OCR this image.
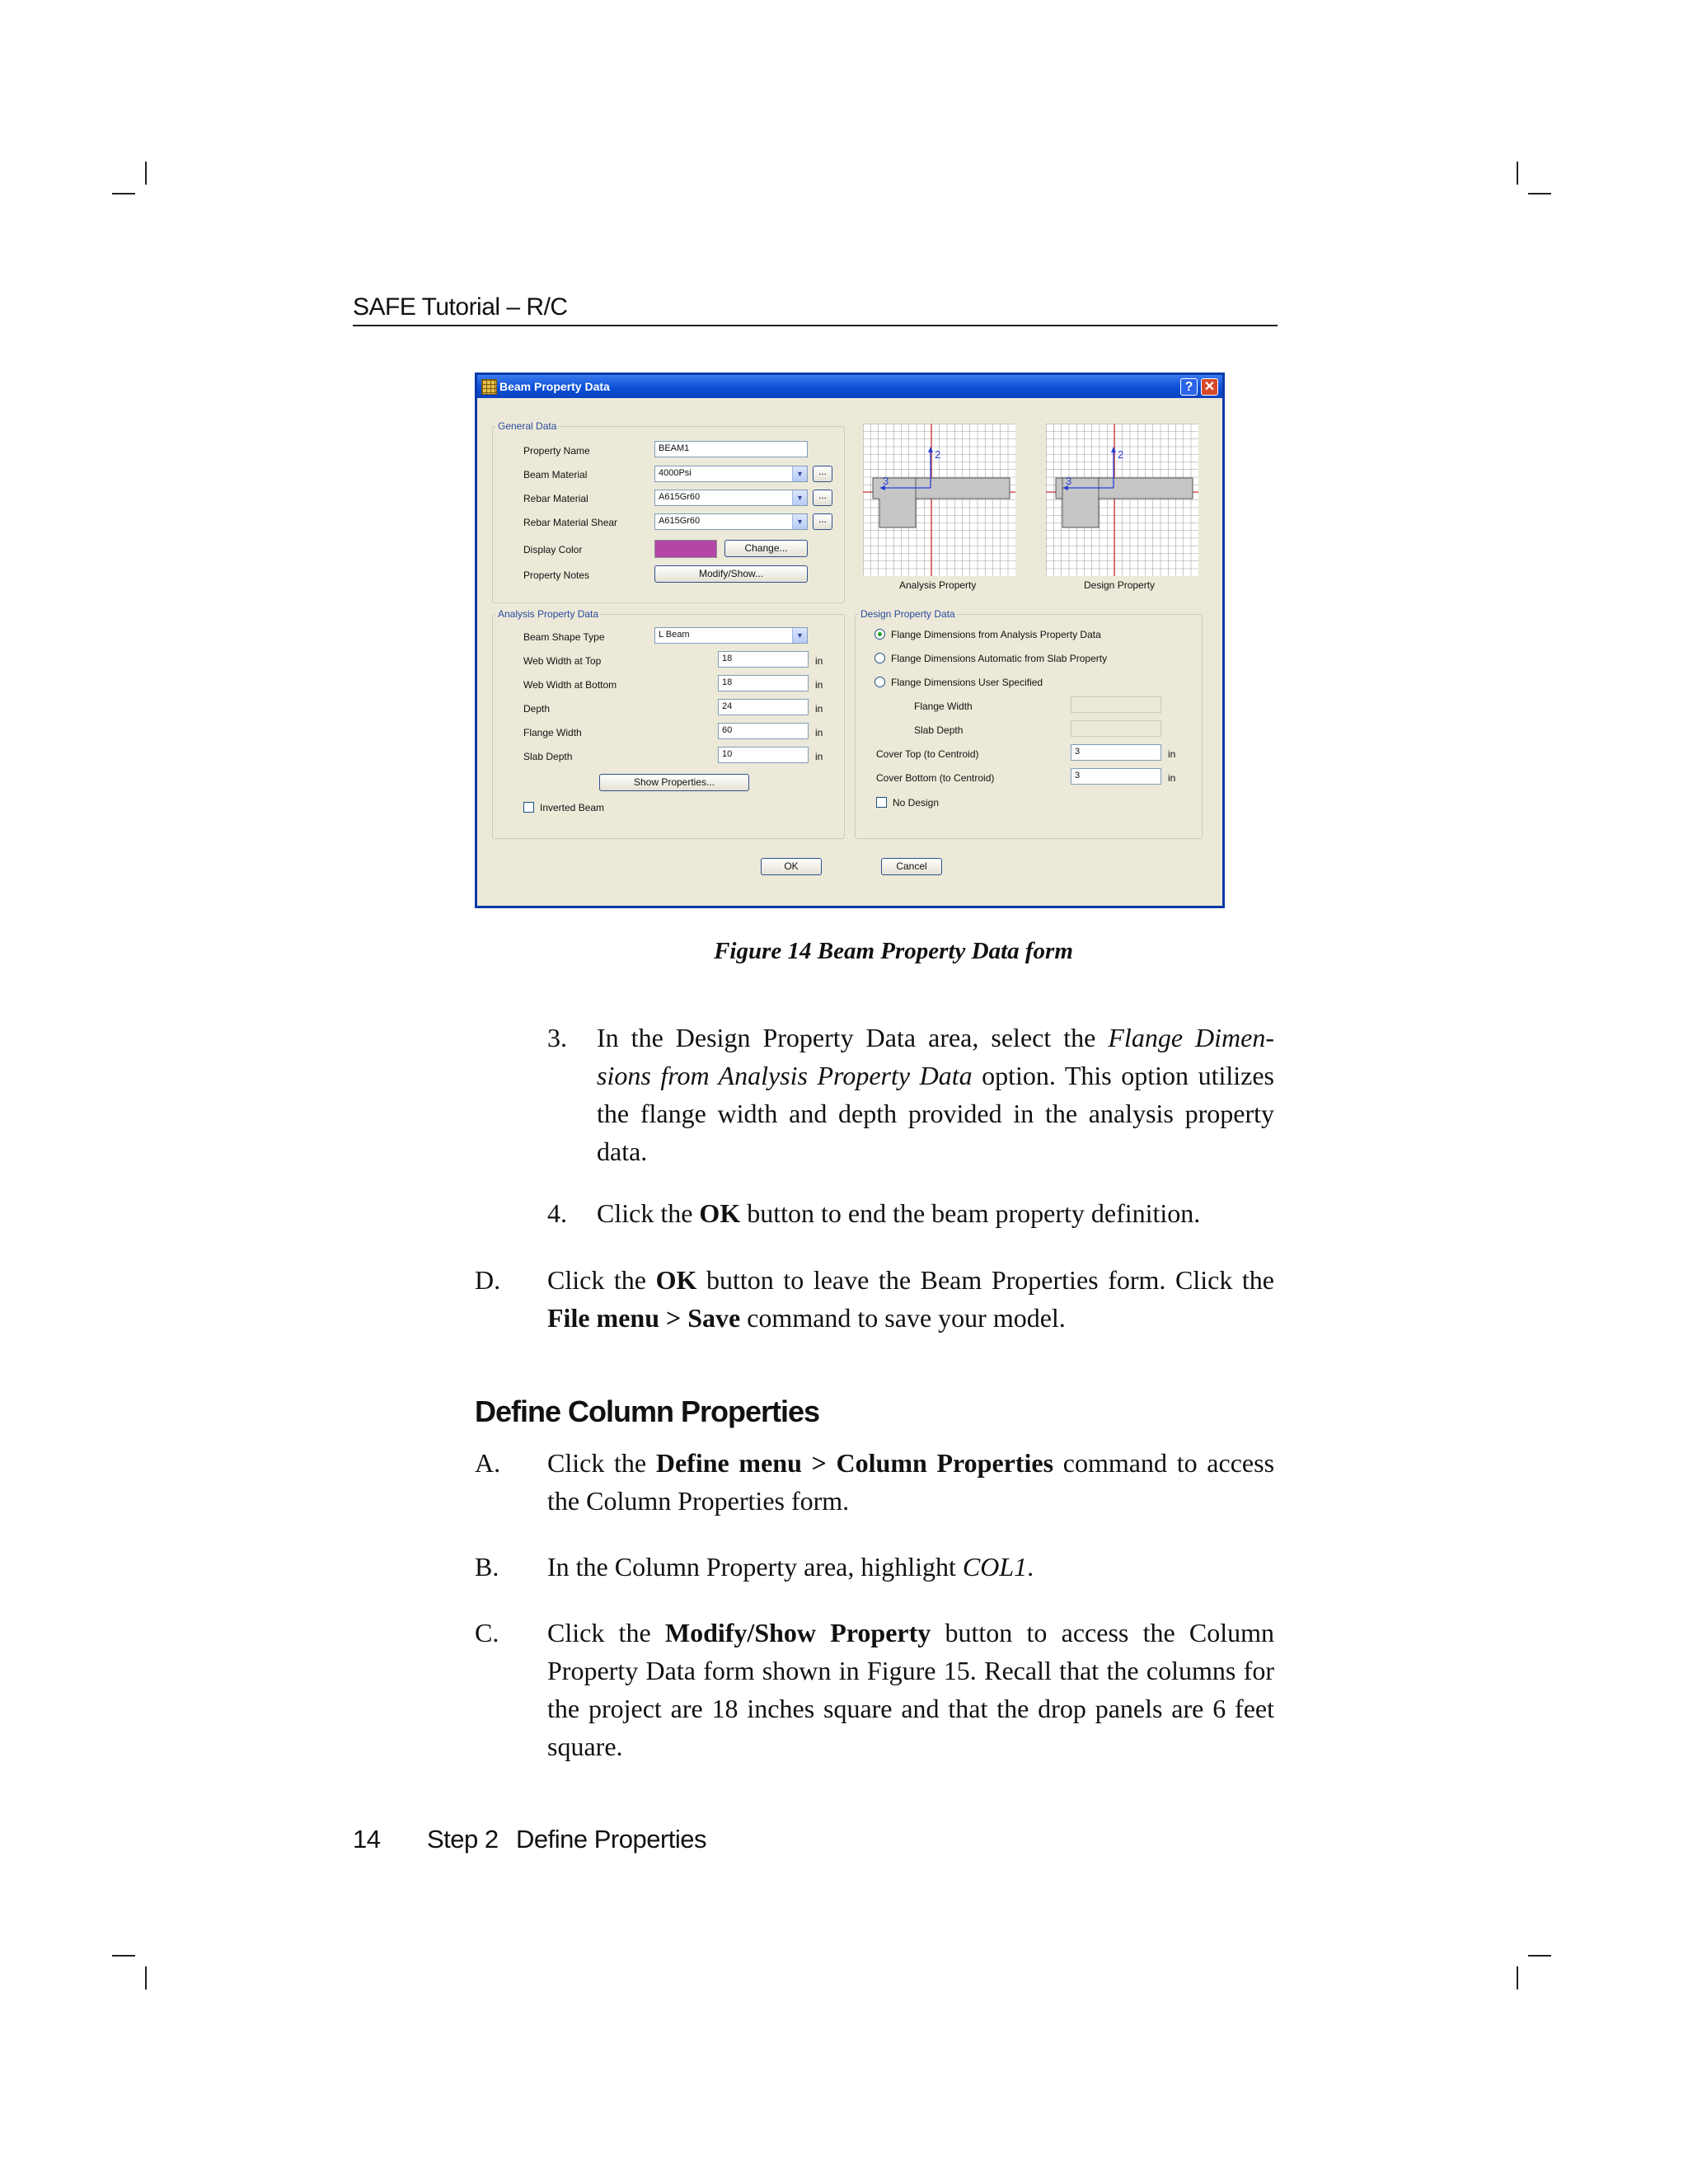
SAFE Tutorial – R/C
Beam Property Data	? ✕
General Data
Property Name	BEAM1
Beam Material	4000Psi	▼	...
Rebar Material	A615Gr60	▼	...
Rebar Material Shear	A615Gr60	▼	...
Display Color	Change...
Property Notes	Modify/Show...
2
3
Analysis Property
2
3
Design Property
Analysis Property Data
Beam Shape Type	L Beam	▼
Web Width at Top	18	in
Web Width at Bottom	18	in
Depth	24	in
Flange Width	60	in
Slab Depth	10	in
Show Properties...
Inverted Beam
Design Property Data
Flange Dimensions from Analysis Property Data
Flange Dimensions Automatic from Slab Property
Flange Dimensions User Specified
Flange Width
Slab Depth
Cover Top (to Centroid)	3	in
Cover Bottom (to Centroid)	3	in
No Design
OK	Cancel
Figure 14 Beam Property Data form
3. In the Design Property Data area, select the Flange Dimen-sions from Analysis Property Data option. This option utilizes the flange width and depth provided in the analysis property data.
4. Click the OK button to end the beam property definition.
D. Click the OK button to leave the Beam Properties form. Click the File menu > Save command to save your model.
Define Column Properties
A. Click the Define menu > Column Properties command to access the Column Properties form.
B. In the Column Property area, highlight COL1.
C. Click the Modify/Show Property button to access the Column Property Data form shown in Figure 15. Recall that the columns for the project are 18 inches square and that the drop panels are 6 feet square.
14 Step 2 Define Properties
